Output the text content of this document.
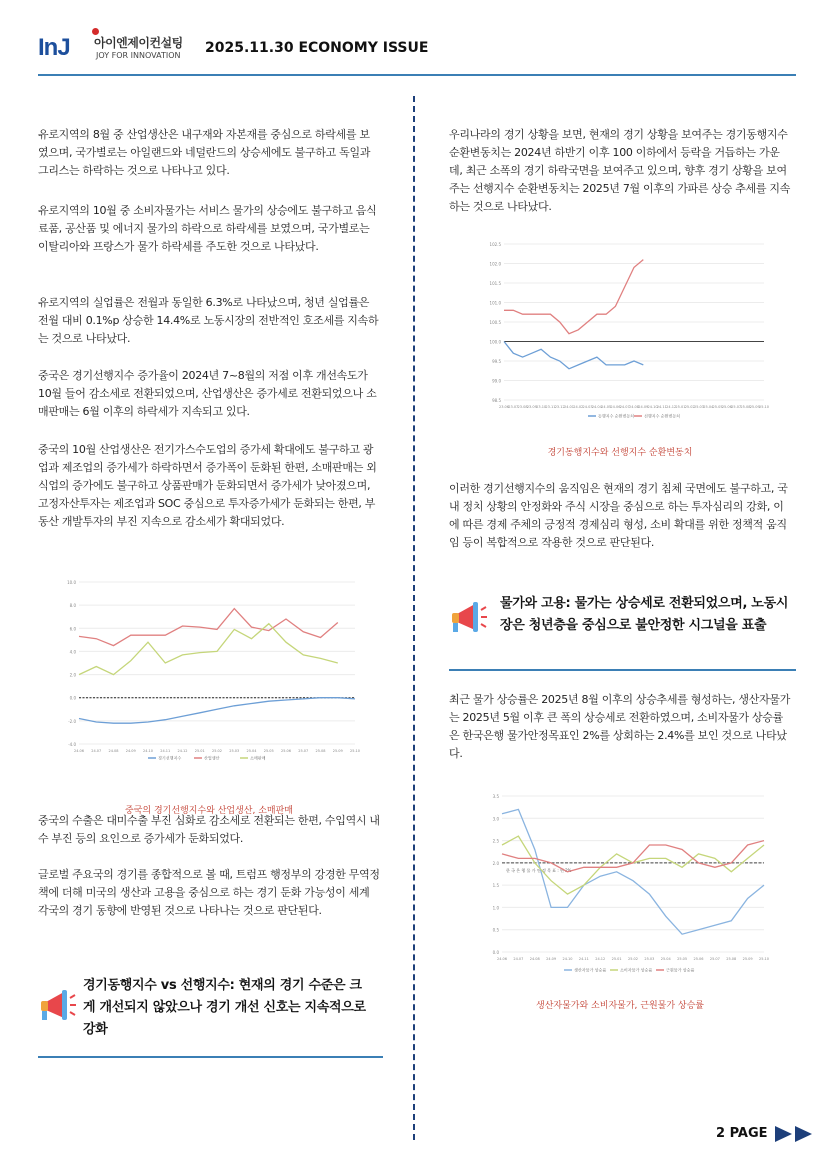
InJ 아이엔제이컨설팅
JOY FOR INNOVATION 2025.11.30 ECONOMY ISSUE
유로지역의 8월 중 산업생산은 내구재와 자본재를 중심으로 하락세를 보였으며, 국가별로는 아일랜드와 네덜란드의 상승세에도 불구하고 독일과 그리스는 하락하는 것으로 나타나고 있다.
유로지역의 10월 중 소비자물가는 서비스 물가의 상승에도 불구하고 음식료품, 공산품 및 에너지 물가의 하락으로 하락세를 보였으며, 국가별로는 이탈리아와 프랑스가 물가 하락세를 주도한 것으로 나타났다.
유로지역의 실업률은 전월과 동일한 6.3%로 나타났으며, 청년 실업률은 전월 대비 0.1%p 상승한 14.4%로 노동시장의 전반적인 호조세를 지속하는 것으로 나타났다.
중국은 경기선행지수 증가율이 2024년 7~8월의 저점 이후 개선속도가 10월 들어 감소세로 전환되었으며, 산업생산은 증가세로 전환되었으나 소매판매는 6월 이후의 하락세가 지속되고 있다.
중국의 10월 산업생산은 전기가스수도업의 증가세 확대에도 불구하고 광업과 제조업의 증가세가 하락하면서 증가폭이 둔화된 한편, 소매판매는 외식업의 증가에도 불구하고 상품판매가 둔화되면서 증가세가 낮아졌으며, 고정자산투자는 제조업과 SOC 중심으로 투자증가세가 둔화되는 한편, 부동산 개발투자의 부진 지속으로 감소세가 확대되었다.
10.0
8.0
6.0
4.0
2.0
0.0
-2.0
-4.0
24.06 24.07 24.08 24.09 24.10 24.11 24.12 25.01 25.02 25.03 25.04 25.05 25.06 25.07 25.08 25.09 25.10
경기선행지수	산업생산	소매판매
중국의 경기선행지수와 산업생산, 소매판매
중국의 수출은 대미수출 부진 심화로 감소세로 전환되는 한편, 수입역시 내수 부진 등의 요인으로 증가세가 둔화되었다.
글로벌 주요국의 경기를 종합적으로 볼 때, 트럼프 행정부의 강경한 무역정책에 더해 미국의 생산과 고용을 중심으로 하는 경기 둔화 가능성이 세계 각국의 경기 동향에 반영된 것으로 나타나는 것으로 판단된다.
경기동행지수 vs 선행지수: 현재의 경기 수준은 크게 개선되지 않았으나 경기 개선 신호는 지속적으로 강화
우리나라의 경기 상황을 보면, 현재의 경기 상황을 보여주는 경기동행지수 순환변동치는 2024년 하반기 이후 100 이하에서 등락을 거듭하는 가운데, 최근 소폭의 경기 하락국면을 보여주고 있으며, 향후 경기 상황을 보여주는 선행지수 순환변동치는 2025년 7월 이후의 가파른 상승 추세를 지속하는 것으로 나타났다.
102.5
102.0
101.5
101.0
100.5
100.0
99.5
99.0
98.5
23.06 23.07 23.08 23.09 23.10 23.11 23.12 24.01 24.02 24.03 24.04 24.05 24.06 24.07 24.08 24.09 24.10 24.11 24.12 25.01 25.02 25.03 25.04 25.05 25.06 25.07 25.08 25.09 25.10
동행지수 순환변동치 선행지수 순환변동치
경기동행지수와 선행지수 순환변동치
이러한 경기선행지수의 움직임은 현재의 경기 침체 국면에도 불구하고, 국내 정치 상황의 안정화와 주식 시장을 중심으로 하는 투자심리의 강화, 이에 따른 경제 주체의 긍정적 경제심리 형성, 소비 확대를 위한 정책적 움직임 등이 복합적으로 작용한 것으로 판단된다.
물가와 고용: 물가는 상승세로 전환되었으며, 노동시장은 청년층을 중심으로 불안정한 시그널을 표출
최근 물가 상승률은 2025년 8월 이후의 상승추세를 형성하는, 생산자물가는 2025년 5월 이후 큰 폭의 상승세로 전환하였으며, 소비자물가 상승률은 한국은행 물가안정목표인 2%를 상회하는 2.4%를 보인 것으로 나타났다.
3.5
3.0
2.5
2.0
1.5
1.0
0.5
0.0
24.06 24.07 24.08 24.09 24.10 24.11 24.12 25.01 25.02 25.03 25.04 25.05 25.06 25.07 25.08 25.09 25.10
한 국 은 행 물 가 안 정 목 표 : 연 2%
생산자물가 상승률	소비자물가 상승률	근원물가 상승률
생산자물가와 소비자물가, 근원물가 상승률
2 PAGE
